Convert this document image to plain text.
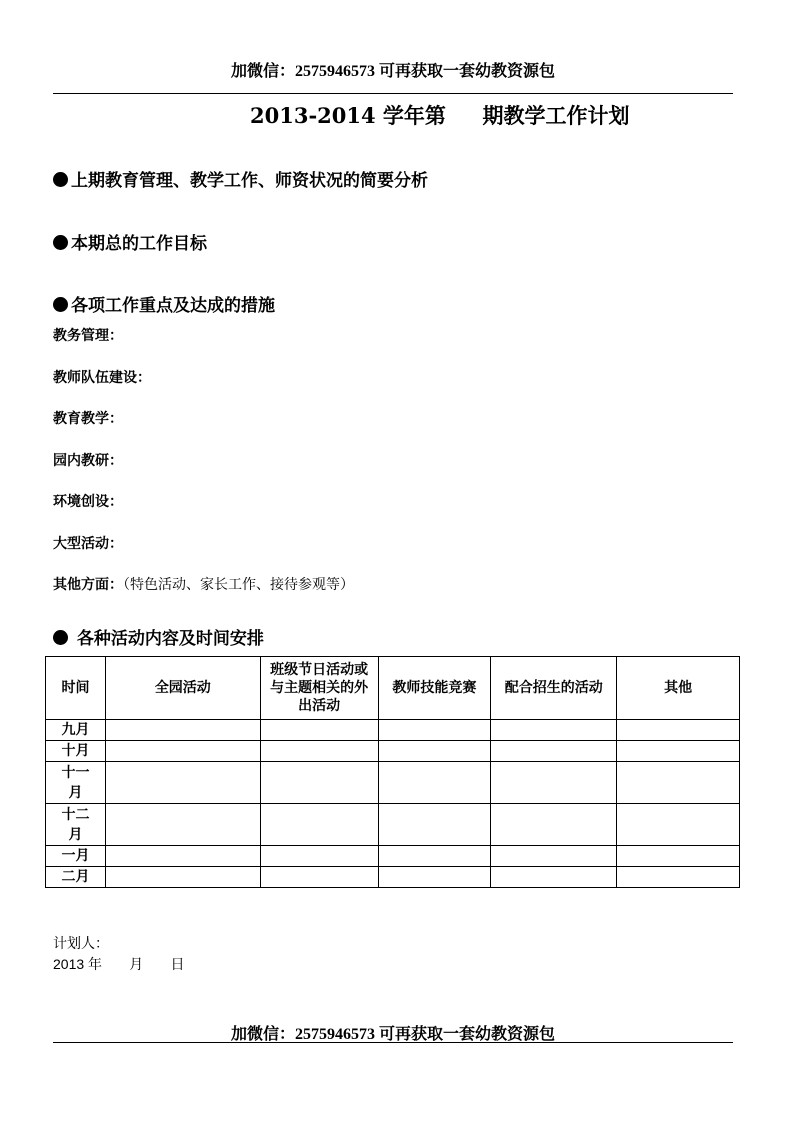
加微信：2575946573 可再获取一套幼教资源包
2013-2014 学年第     期教学工作计划
上期教育管理、教学工作、师资状况的简要分析
本期总的工作目标
各项工作重点及达成的措施
教务管理：
教师队伍建设：
教育教学：
园内教研：
环境创设：
大型活动：
其他方面：（特色活动、家长工作、接待参观等）
各种活动内容及时间安排
时间	全园活动	班级节日活动或与主题相关的外出活动	教师技能竞赛	配合招生的活动	其他
九月					
十月					
十一月					
十二月					
一月					
二月					
计划人：
2013 年       月       日
加微信：2575946573 可再获取一套幼教资源包
